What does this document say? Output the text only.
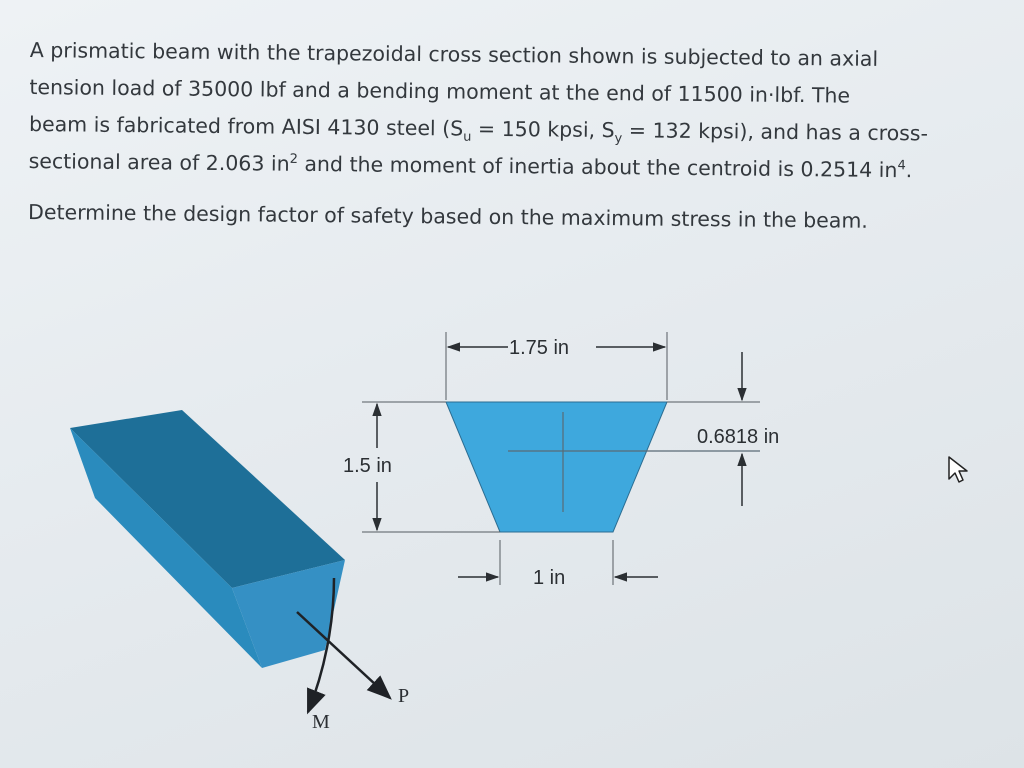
A prismatic beam with the trapezoidal cross section shown is subjected to an axial
tension load of 35000 lbf and a bending moment at the end of 11500 in·lbf. The
beam is fabricated from AISI 4130 steel ($S_u = 150$ kpsi, $S_y = 132$ kpsi), and has a cross-
sectional area of 2.063 $in^2$ and the moment of inertia about the centroid is 0.2514 $in^4$.

Determine the design factor of safety based on the maximum stress in the beam.

M
P
1.75 in
1.5 in
1 in
0.6818 in
